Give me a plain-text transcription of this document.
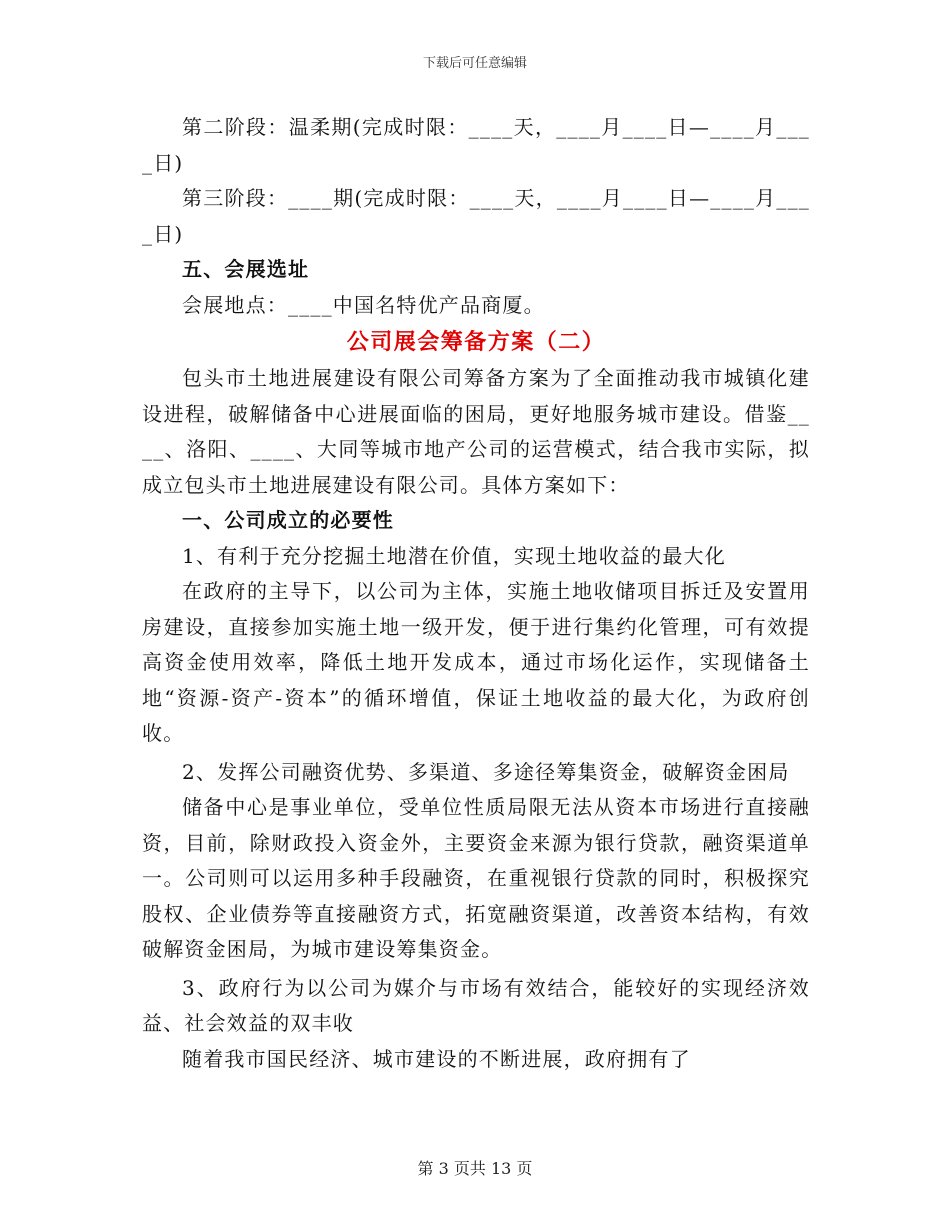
下载后可任意编辑

第二阶段：温柔期(完成时限：____天，____月____日—____月____日)

第三阶段：____期(完成时限：____天，____月____日—____月____日)

五、会展选址

会展地点：____中国名特优产品商厦。

公司展会筹备方案（二）

包头市土地进展建设有限公司筹备方案为了全面推动我市城镇化建设进程，破解储备中心进展面临的困局，更好地服务城市建设。借鉴____、洛阳、____、大同等城市地产公司的运营模式，结合我市实际，拟成立包头市土地进展建设有限公司。具体方案如下：

一、公司成立的必要性

1、有利于充分挖掘土地潜在价值，实现土地收益的最大化

在政府的主导下，以公司为主体，实施土地收储项目拆迁及安置用房建设，直接参加实施土地一级开发，便于进行集约化管理，可有效提高资金使用效率，降低土地开发成本，通过市场化运作，实现储备土地“资源-资产-资本”的循环增值，保证土地收益的最大化，为政府创收。

2、发挥公司融资优势、多渠道、多途径筹集资金，破解资金困局

储备中心是事业单位，受单位性质局限无法从资本市场进行直接融资，目前，除财政投入资金外，主要资金来源为银行贷款，融资渠道单一。公司则可以运用多种手段融资，在重视银行贷款的同时，积极探究股权、企业债券等直接融资方式，拓宽融资渠道，改善资本结构，有效破解资金困局，为城市建设筹集资金。

3、政府行为以公司为媒介与市场有效结合，能较好的实现经济效益、社会效益的双丰收

随着我市国民经济、城市建设的不断进展，政府拥有了

第 3 页共 13 页
